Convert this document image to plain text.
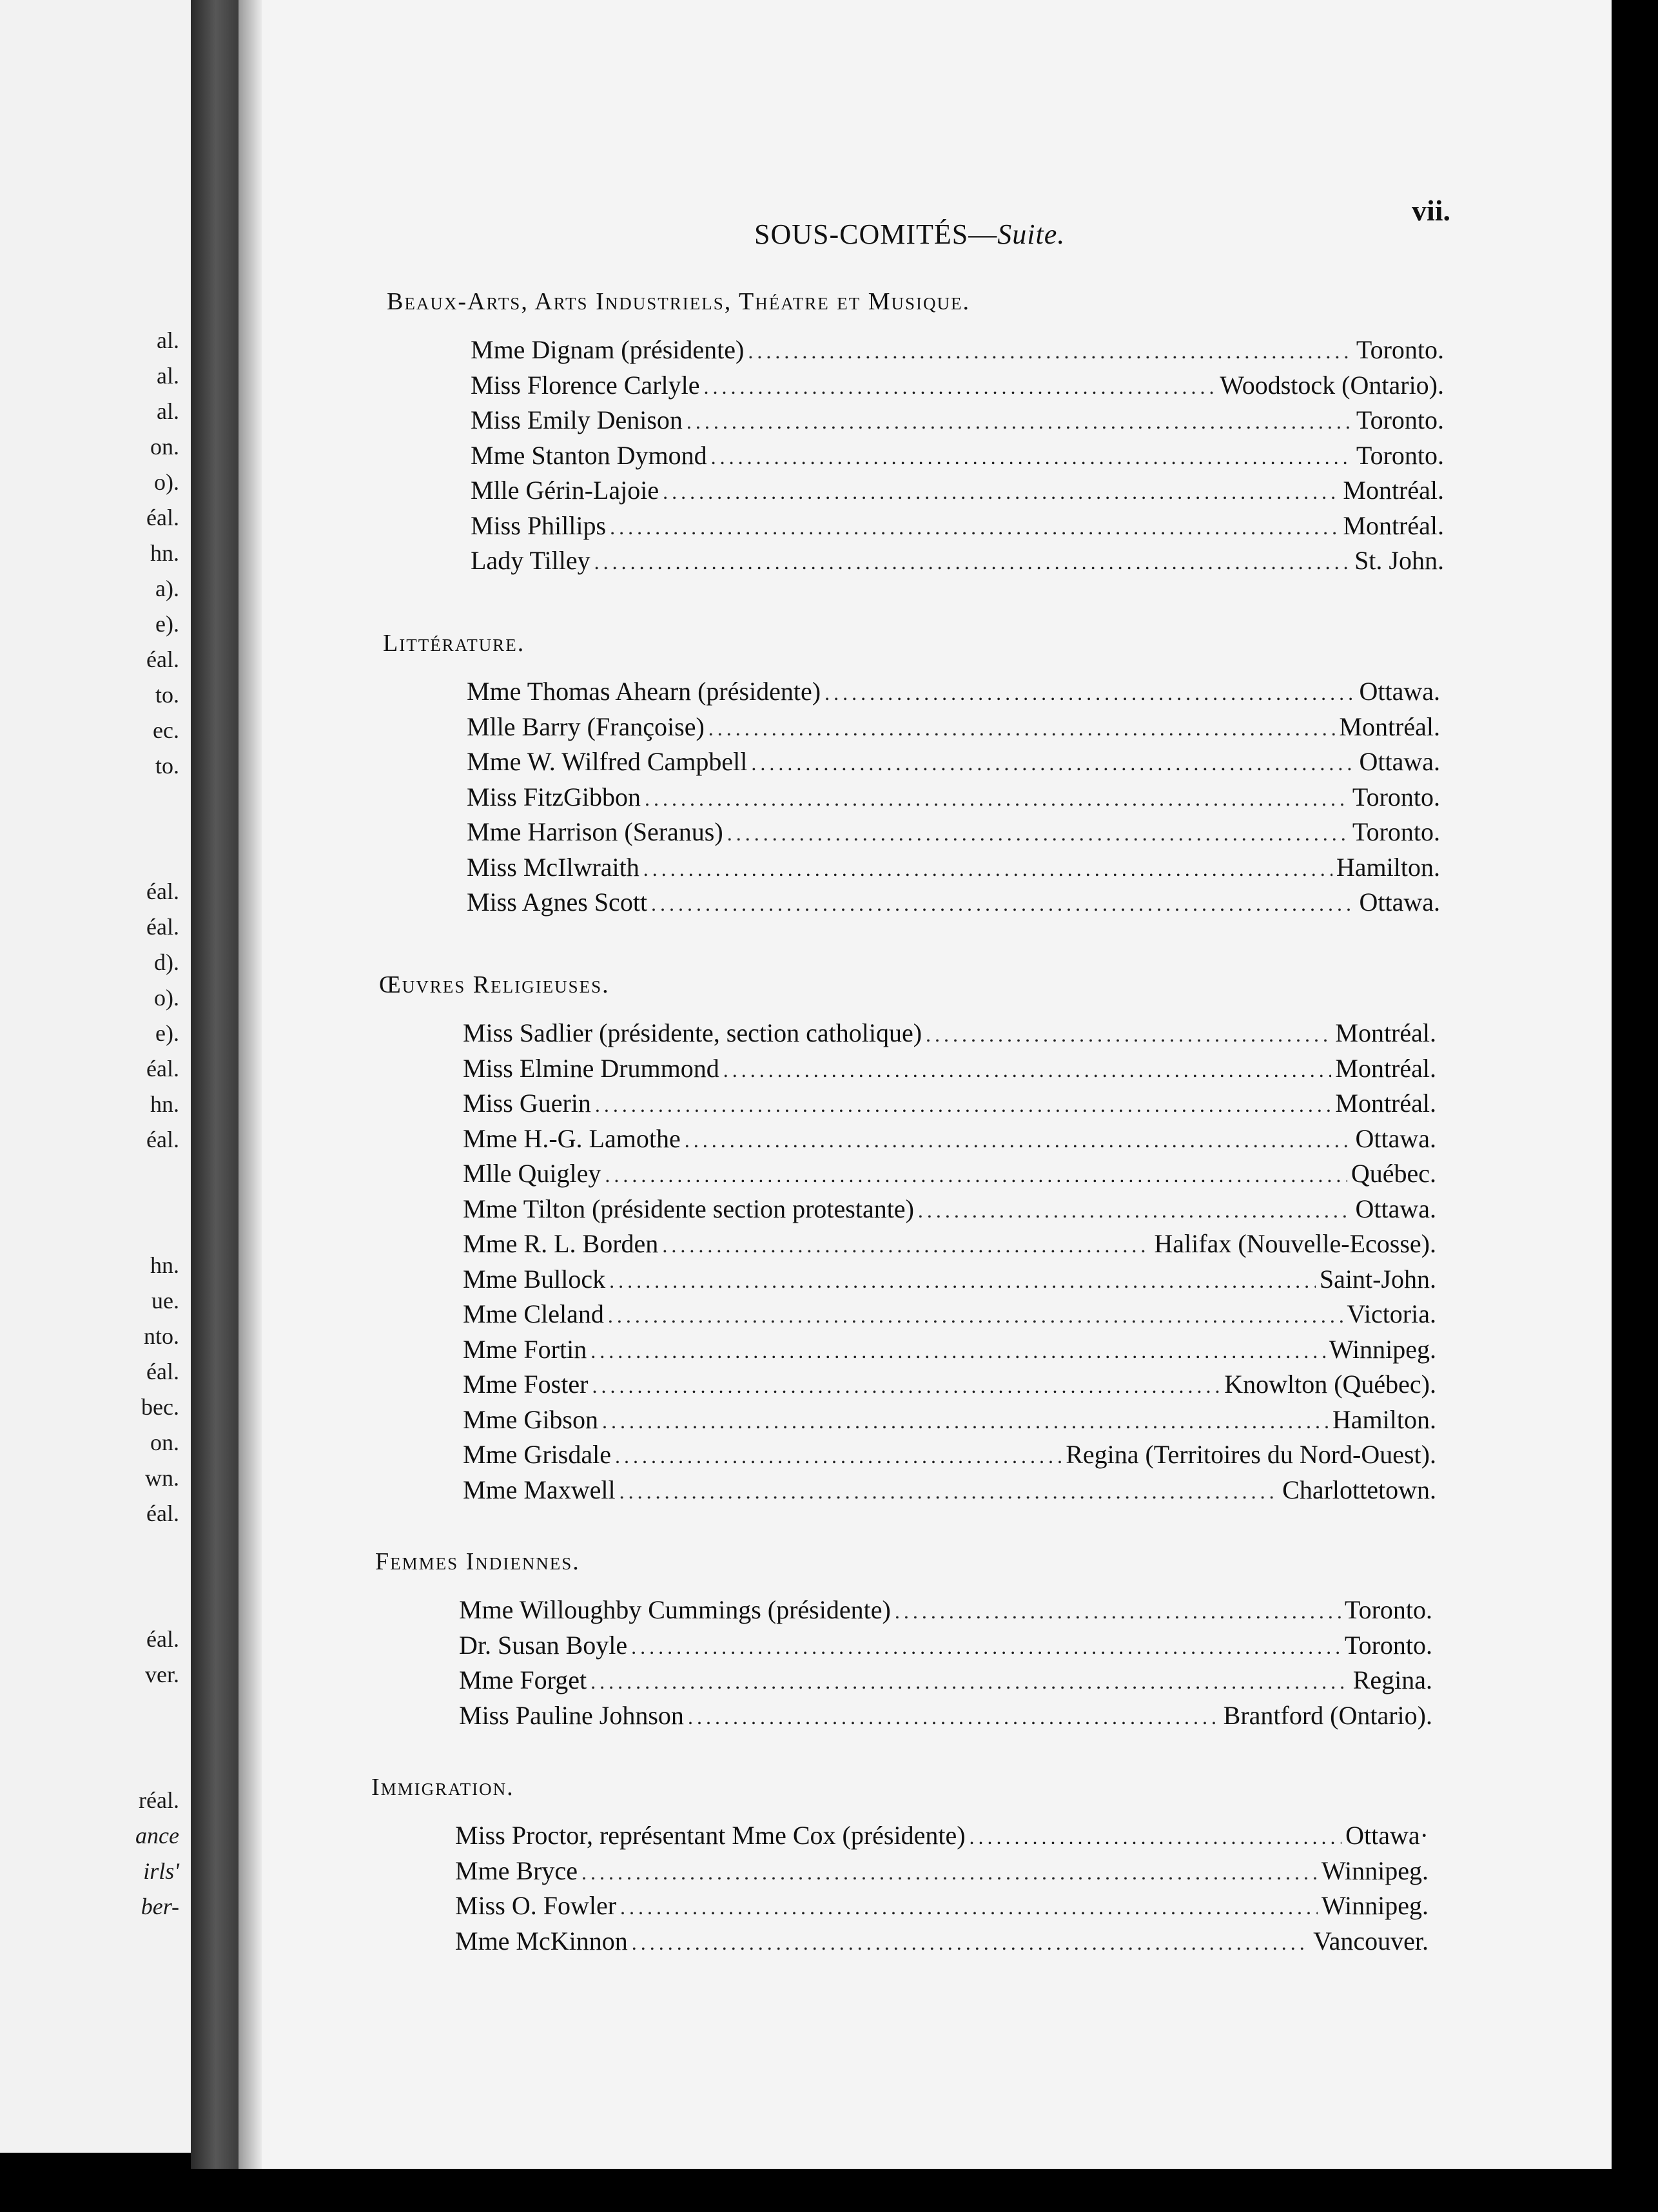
al.
al.
al.
on.
o).
éal.
hn.
a).
e).
éal.
to.
ec.
to.
éal.
éal.
d).
o).
e).
éal.
hn.
éal.
hn.
ue.
nto.
éal.
bec.
on.
wn.
éal.
éal.
ver.
réal.
ance
irls'
ber-
vii.
SOUS-COMITÉS—Suite.
Beaux-Arts, Arts Industriels, Théatre et Musique.
Mme Dignam (présidente) .....	Toronto.
Miss Florence Carlyle .....	Woodstock (Ontario).
Miss Emily Denison .....	Toronto.
Mme Stanton Dymond .....	Toronto.
Mlle Gérin-Lajoie .....	Montréal.
Miss Phillips .....	Montréal.
Lady Tilley .....	St. John.
Littérature.
Mme Thomas Ahearn (présidente) .....	Ottawa.
Mlle Barry (Françoise) .....	Montréal.
Mme W. Wilfred Campbell .....	Ottawa.
Miss FitzGibbon .....	Toronto.
Mme Harrison (Seranus) .....	Toronto.
Miss McIlwraith .....	Hamilton.
Miss Agnes Scott .....	Ottawa.
Œuvres Religieuses.
Miss Sadlier (présidente, section catholique) .....	Montréal.
Miss Elmine Drummond .....	Montréal.
Miss Guerin .....	Montréal.
Mme H.-G. Lamothe .....	Ottawa.
Mlle Quigley .....	Québec.
Mme Tilton (présidente section protestante) .....	Ottawa.
Mme R. L. Borden .....	Halifax (Nouvelle-Ecosse).
Mme Bullock .....	Saint-John.
Mme Cleland .....	Victoria.
Mme Fortin .....	Winnipeg.
Mme Foster .....	Knowlton (Québec).
Mme Gibson .....	Hamilton.
Mme Grisdale .....	Regina (Territoires du Nord-Ouest).
Mme Maxwell .....	Charlottetown.
Femmes Indiennes.
Mme Willoughby Cummings (présidente) .....	Toronto.
Dr. Susan Boyle .....	Toronto.
Mme Forget .....	Regina.
Miss Pauline Johnson .....	Brantford (Ontario).
Immigration.
Miss Proctor, représentant Mme Cox (présidente) .....	Ottawa·
Mme Bryce .....	Winnipeg.
Miss O. Fowler .....	Winnipeg.
Mme McKinnon .....	Vancouver.
